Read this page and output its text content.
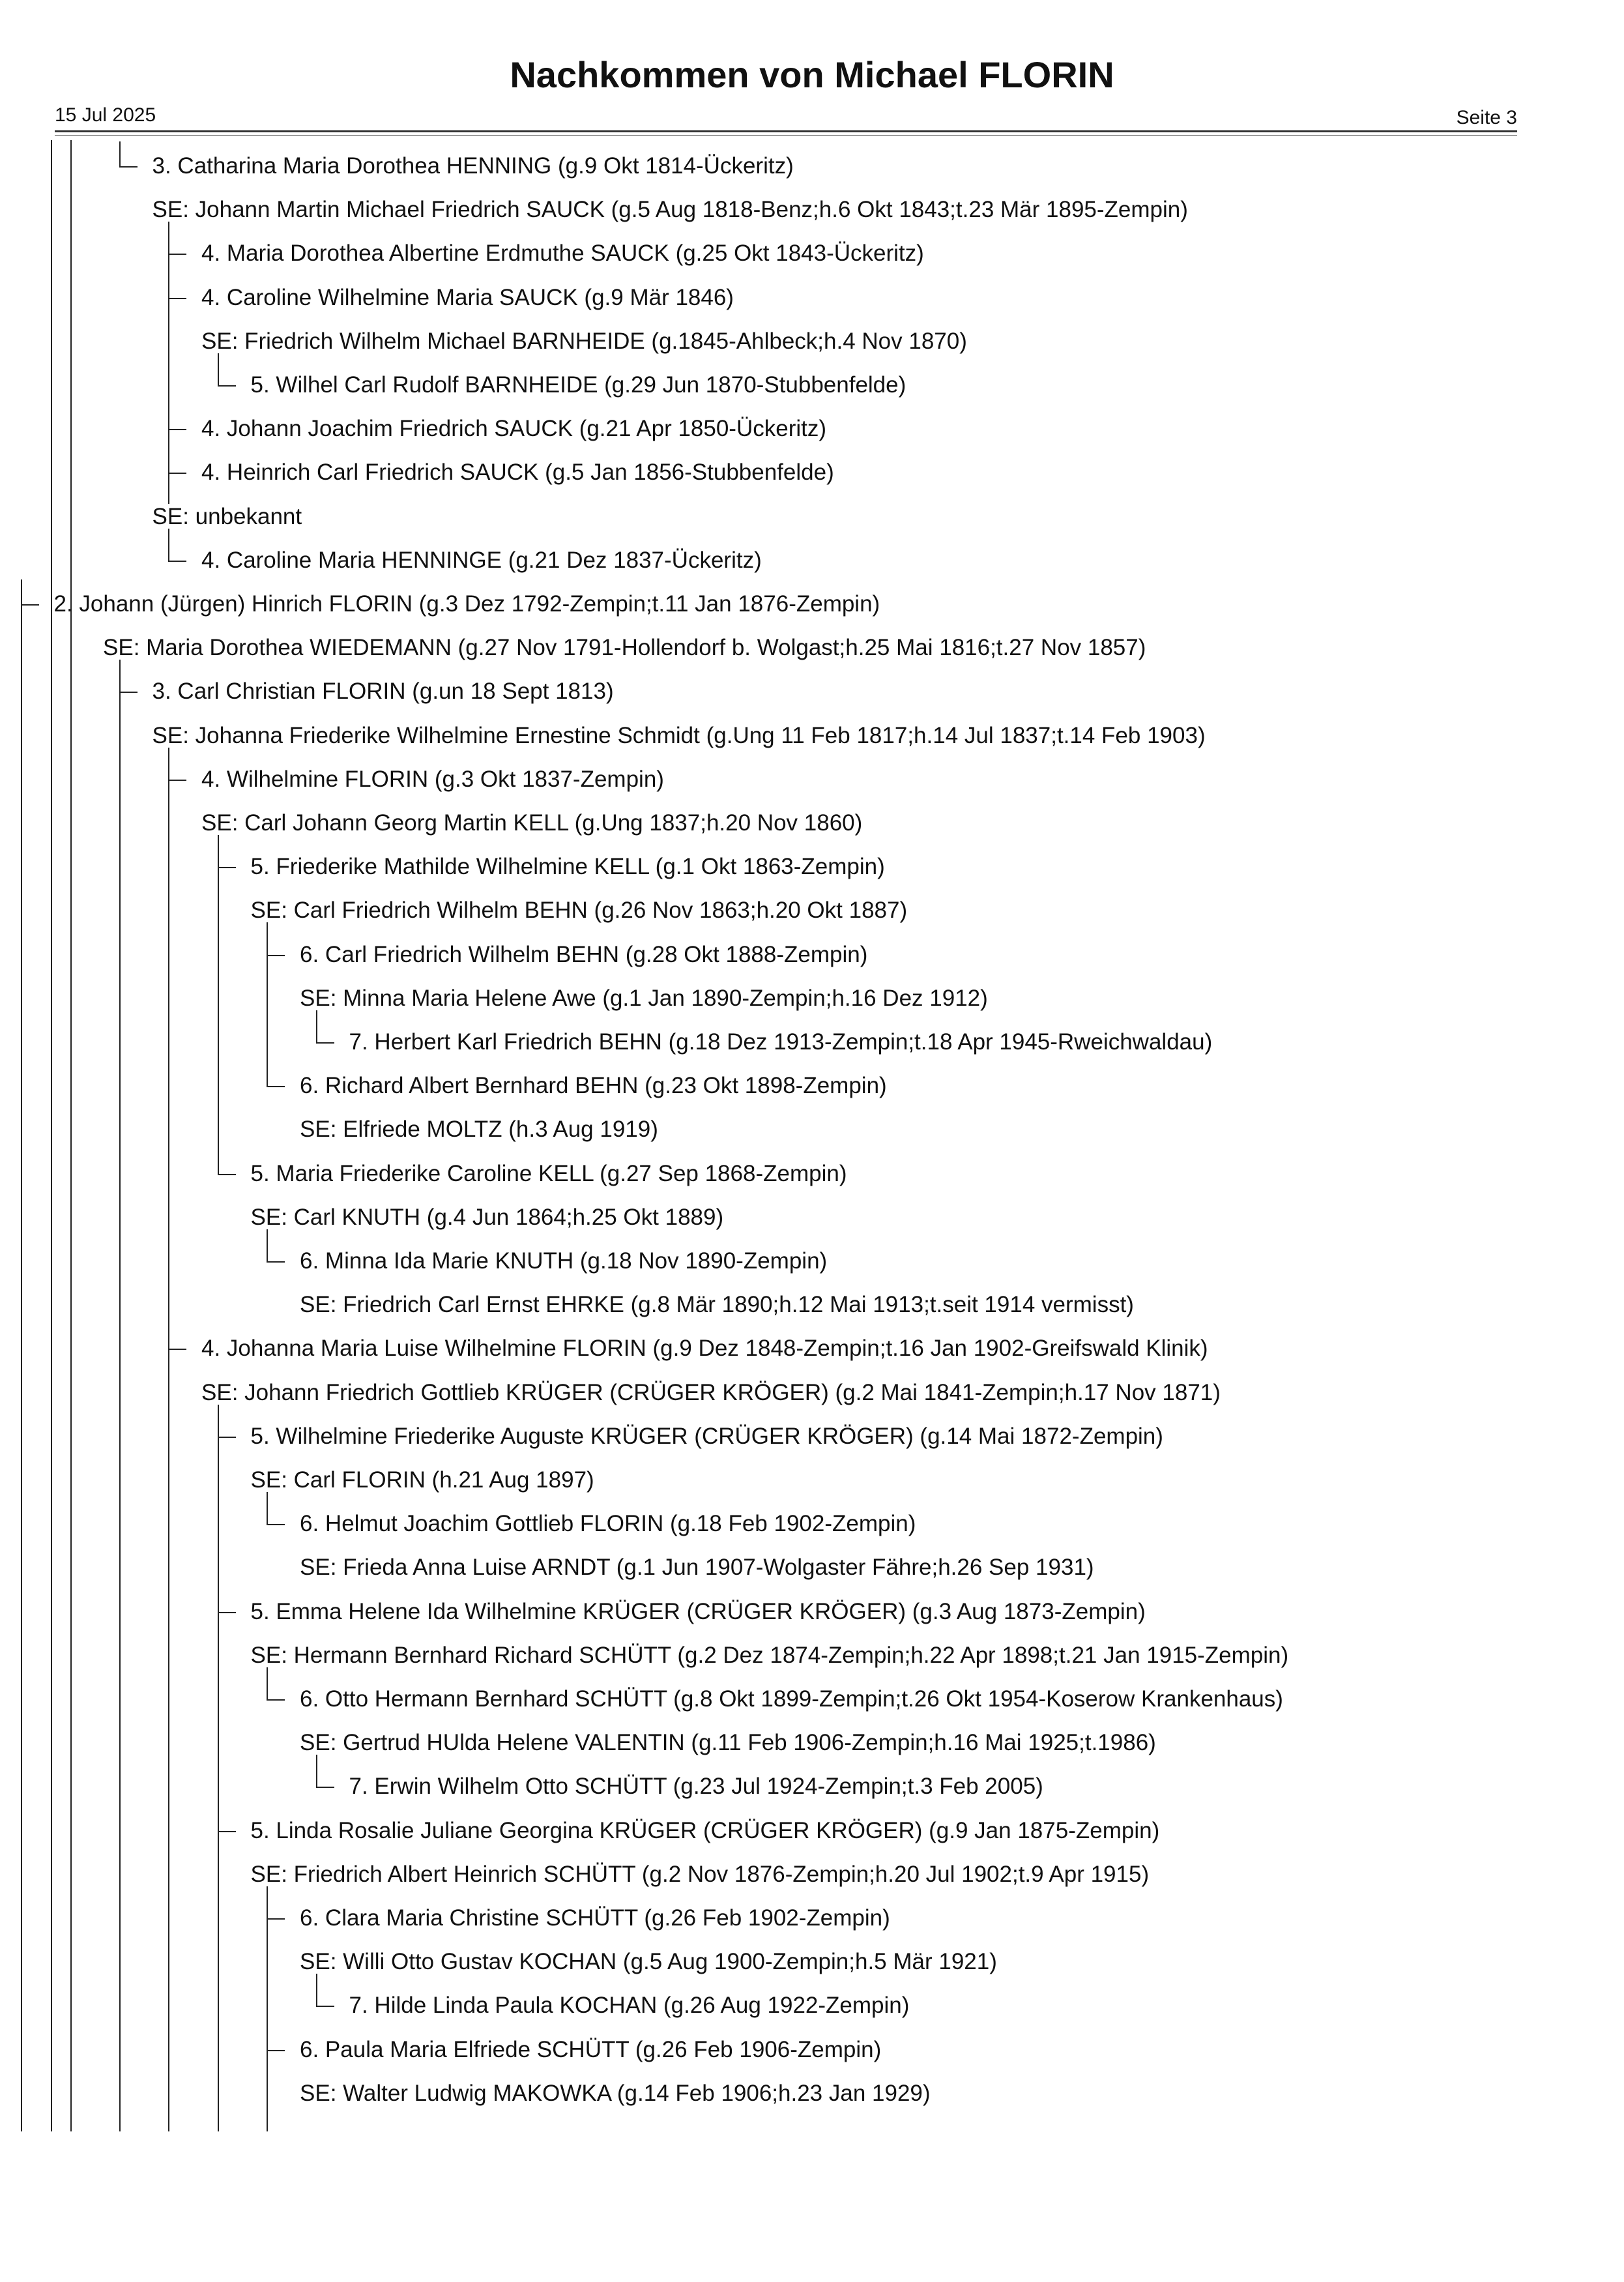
Nachkommen von Michael FLORIN
15 Jul 2025	Seite 3
3. Catharina Maria Dorothea HENNING (g.9 Okt 1814-Ückeritz)
SE: Johann Martin Michael Friedrich SAUCK (g.5 Aug 1818-Benz;h.6 Okt 1843;t.23 Mär 1895-Zempin)
4. Maria Dorothea Albertine Erdmuthe SAUCK (g.25 Okt 1843-Ückeritz)
4. Caroline Wilhelmine Maria SAUCK (g.9 Mär 1846)
SE: Friedrich Wilhelm Michael BARNHEIDE (g.1845-Ahlbeck;h.4 Nov 1870)
5. Wilhel Carl Rudolf BARNHEIDE (g.29 Jun 1870-Stubbenfelde)
4. Johann Joachim Friedrich SAUCK (g.21 Apr 1850-Ückeritz)
4. Heinrich Carl Friedrich SAUCK (g.5 Jan 1856-Stubbenfelde)
SE: unbekannt
4. Caroline Maria HENNINGE (g.21 Dez 1837-Ückeritz)
2. Johann (Jürgen) Hinrich FLORIN (g.3 Dez 1792-Zempin;t.11 Jan 1876-Zempin)
SE: Maria Dorothea WIEDEMANN (g.27 Nov 1791-Hollendorf b. Wolgast;h.25 Mai 1816;t.27 Nov 1857)
3. Carl Christian FLORIN (g.un 18 Sept 1813)
SE: Johanna Friederike Wilhelmine Ernestine Schmidt (g.Ung 11 Feb 1817;h.14 Jul 1837;t.14 Feb 1903)
4. Wilhelmine FLORIN (g.3 Okt 1837-Zempin)
SE: Carl Johann Georg Martin KELL (g.Ung 1837;h.20 Nov 1860)
5. Friederike Mathilde Wilhelmine KELL (g.1 Okt 1863-Zempin)
SE: Carl Friedrich Wilhelm BEHN (g.26 Nov 1863;h.20 Okt 1887)
6. Carl Friedrich Wilhelm BEHN (g.28 Okt 1888-Zempin)
SE: Minna Maria Helene Awe (g.1 Jan 1890-Zempin;h.16 Dez 1912)
7. Herbert Karl Friedrich BEHN (g.18 Dez 1913-Zempin;t.18 Apr 1945-Rweichwaldau)
6. Richard Albert Bernhard BEHN (g.23 Okt 1898-Zempin)
SE: Elfriede MOLTZ (h.3 Aug 1919)
5. Maria Friederike Caroline KELL (g.27 Sep 1868-Zempin)
SE: Carl KNUTH (g.4 Jun 1864;h.25 Okt 1889)
6. Minna Ida Marie KNUTH (g.18 Nov 1890-Zempin)
SE: Friedrich Carl Ernst EHRKE (g.8 Mär 1890;h.12 Mai 1913;t.seit 1914 vermisst)
4. Johanna Maria Luise Wilhelmine FLORIN (g.9 Dez 1848-Zempin;t.16 Jan 1902-Greifswald Klinik)
SE: Johann Friedrich Gottlieb KRÜGER (CRÜGER KRÖGER) (g.2 Mai 1841-Zempin;h.17 Nov 1871)
5. Wilhelmine Friederike Auguste KRÜGER (CRÜGER KRÖGER) (g.14 Mai 1872-Zempin)
SE: Carl FLORIN (h.21 Aug 1897)
6. Helmut Joachim Gottlieb FLORIN (g.18 Feb 1902-Zempin)
SE: Frieda Anna Luise ARNDT (g.1 Jun 1907-Wolgaster Fähre;h.26 Sep 1931)
5. Emma Helene Ida Wilhelmine KRÜGER (CRÜGER KRÖGER) (g.3 Aug 1873-Zempin)
SE: Hermann Bernhard Richard SCHÜTT (g.2 Dez 1874-Zempin;h.22 Apr 1898;t.21 Jan 1915-Zempin)
6. Otto Hermann Bernhard SCHÜTT (g.8 Okt 1899-Zempin;t.26 Okt 1954-Koserow Krankenhaus)
SE: Gertrud HUlda Helene VALENTIN (g.11 Feb 1906-Zempin;h.16 Mai 1925;t.1986)
7. Erwin Wilhelm Otto SCHÜTT (g.23 Jul 1924-Zempin;t.3 Feb 2005)
5. Linda Rosalie Juliane Georgina KRÜGER (CRÜGER KRÖGER) (g.9 Jan 1875-Zempin)
SE: Friedrich Albert Heinrich SCHÜTT (g.2 Nov 1876-Zempin;h.20 Jul 1902;t.9 Apr 1915)
6. Clara Maria Christine SCHÜTT (g.26 Feb 1902-Zempin)
SE: Willi Otto Gustav KOCHAN (g.5 Aug 1900-Zempin;h.5 Mär 1921)
7. Hilde Linda Paula KOCHAN (g.26 Aug 1922-Zempin)
6. Paula Maria Elfriede SCHÜTT (g.26 Feb 1906-Zempin)
SE: Walter Ludwig MAKOWKA (g.14 Feb 1906;h.23 Jan 1929)
